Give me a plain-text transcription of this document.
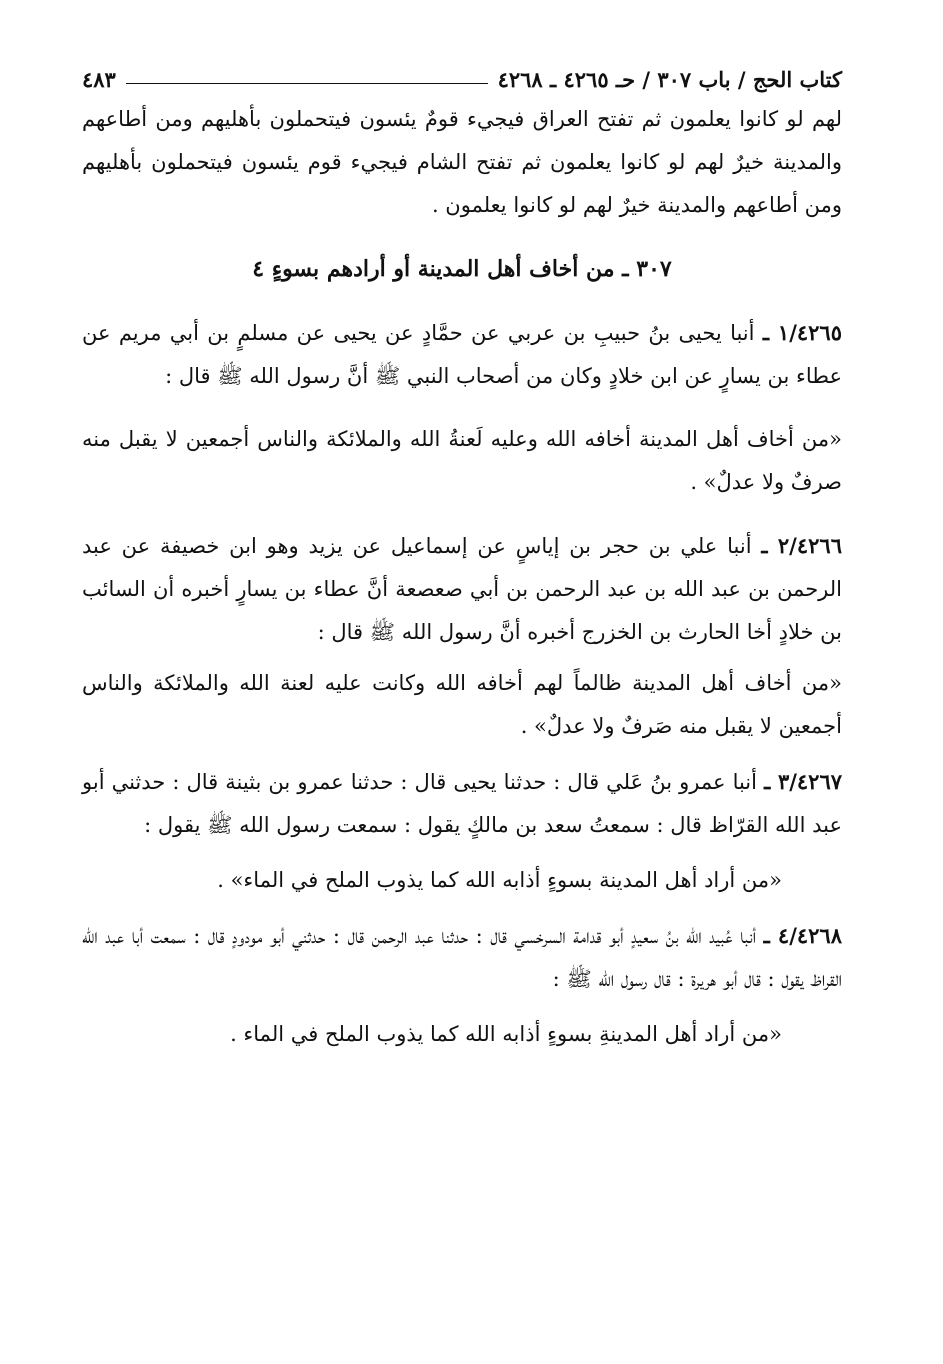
كتاب الحج / باب ٣٠٧ / حـ ٤٢٦٥ ـ ٤٢٦٨
٤٨٣

لهم لو كانوا يعلمون ثم تفتح العراق فيجيء قومٌ يئسون فيتحملون بأهليهم ومن أطاعهم والمدينة خيرٌ لهم لو كانوا يعلمون ثم تفتح الشام فيجيء قوم يئسون فيتحملون بأهليهم ومن أطاعهم والمدينة خيرٌ لهم لو كانوا يعلمون .

٣٠٧ ـ من أخاف أهل المدينة أو أرادهم بسوءٍ ٤

١/٤٢٦٥ ـ أنبا يحيى بنُ حبيبِ بن عربي عن حمَّادٍ عن يحيى عن مسلمٍ بن أبي مريم عن عطاء بن يسارٍ عن ابن خلادٍ وكان من أصحاب النبي ﷺ أنَّ رسول الله ﷺ قال :

«من أخاف أهل المدينة أخافه الله وعليه لَعنةُ الله والملائكة والناس أجمعين لا يقبل منه صرفٌ ولا عدلٌ» .

٢/٤٢٦٦ ـ أنبا علي بن حجر بن إياسٍ عن إسماعيل عن يزيد وهو ابن خصيفة عن عبد الرحمن بن عبد الله بن عبد الرحمن بن أبي صعصعة أنَّ عطاء بن يسارٍ أخبره أن السائب بن خلادٍ أخا الحارث بن الخزرج أخبره أنَّ رسول الله ﷺ قال :

«من أخاف أهل المدينة ظالماً لهم أخافه الله وكانت عليه لعنة الله والملائكة والناس أجمعين لا يقبل منه صَرفٌ ولا عدلٌ» .

٣/٤٢٦٧ ـ أنبا عمرو بنُ عَلي قال : حدثنا يحيى قال : حدثنا عمرو بن بثينة قال : حدثني أبو عبد الله القرّاظ قال : سمعتُ سعد بن مالكٍ يقول : سمعت رسول الله ﷺ يقول :

«من أراد أهل المدينة بسوءٍ أذابه الله كما يذوب الملح في الماء» .

٤/٤٢٦٨ ـ أنبا عُبيد الله بنُ سعيدٍ أبو قدامة السرخسي قال : حدثنا عبد الرحمن قال : حدثني أبو مودودٍ قال : سمعت أبا عبد الله القراظ يقول : قال أبو هريرة : قال رسول الله ﷺ :

«من أراد أهل المدينةِ بسوءٍ أذابه الله كما يذوب الملح في الماء .
